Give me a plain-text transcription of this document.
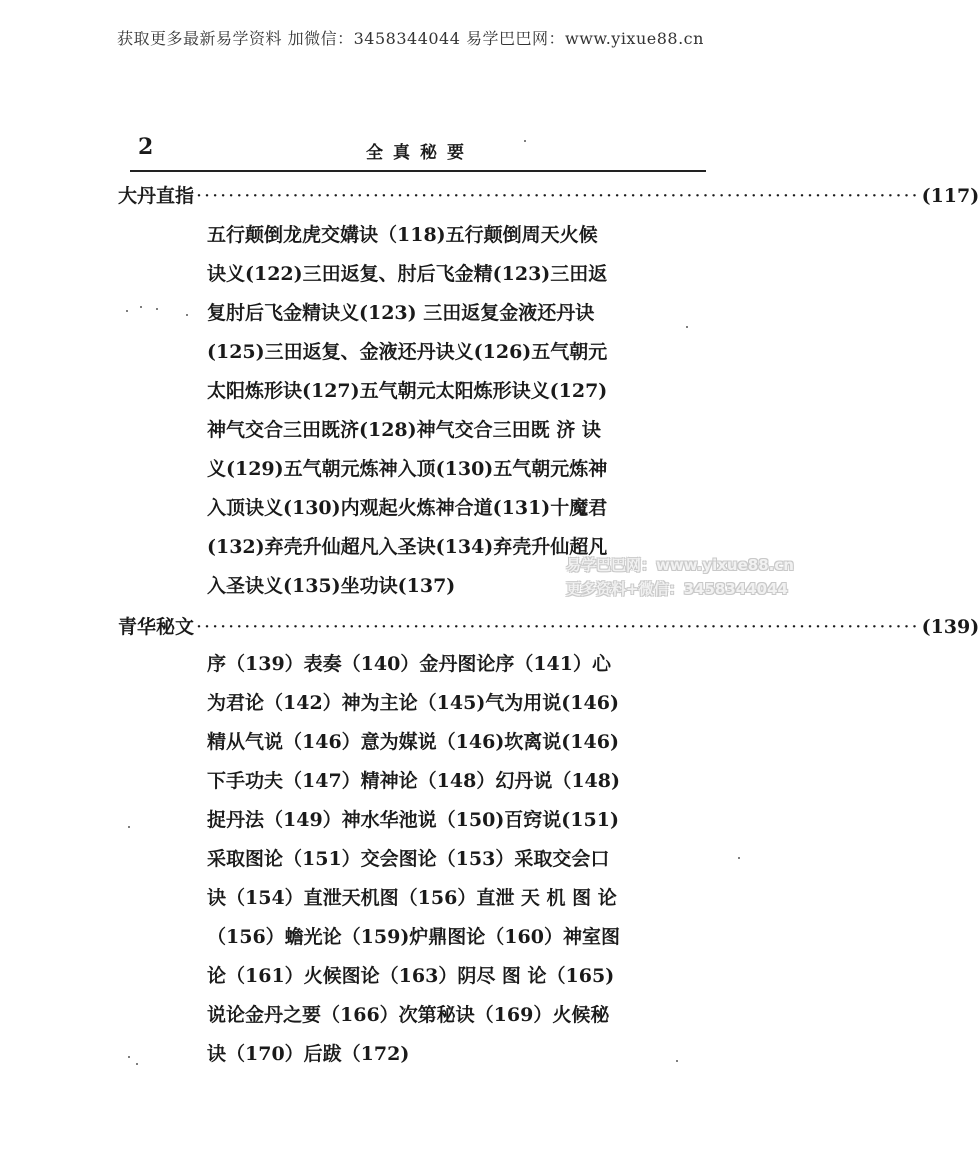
获取更多最新易学资料 加微信：3458344044 易学巴巴网：www.yixue88.cn
2	全真秘要
大丹直指 ·························································································· (117)
五行颠倒龙虎交媾诀（118)五行颠倒周天火候
诀义(122)三田返复、肘后飞金精(123)三田返
复肘后飞金精诀义(123) 三田返复金液还丹诀
(125)三田返复、金液还丹诀义(126)五气朝元
太阳炼形诀(127)五气朝元太阳炼形诀义(127)
神气交合三田既济(128)神气交合三田既 济 诀
义(129)五气朝元炼神入顶(130)五气朝元炼神
入顶诀义(130)内观起火炼神合道(131)十魔君
(132)弃壳升仙超凡入圣诀(134)弃壳升仙超凡
入圣诀义(135)坐功诀(137)
青华秘文 ·························································································· (139)
序（139）表奏（140）金丹图论序（141）心
为君论（142）神为主论（145)气为用说(146)
精从气说（146）意为媒说（146)坎离说(146)
下手功夫（147）精神论（148）幻丹说（148)
捉丹法（149）神水华池说（150)百窍说(151)
采取图论（151）交会图论（153）采取交会口
诀（154）直泄天机图（156）直泄 天 机 图 论
（156）蟾光论（159)炉鼎图论（160）神室图
论（161）火候图论（163）阴尽 图 论（165)
说论金丹之要（166）次第秘诀（169）火候秘
诀（170）后跋（172)
易学巴巴网：www.yixue88.cn
更多资料+微信：3458344044
